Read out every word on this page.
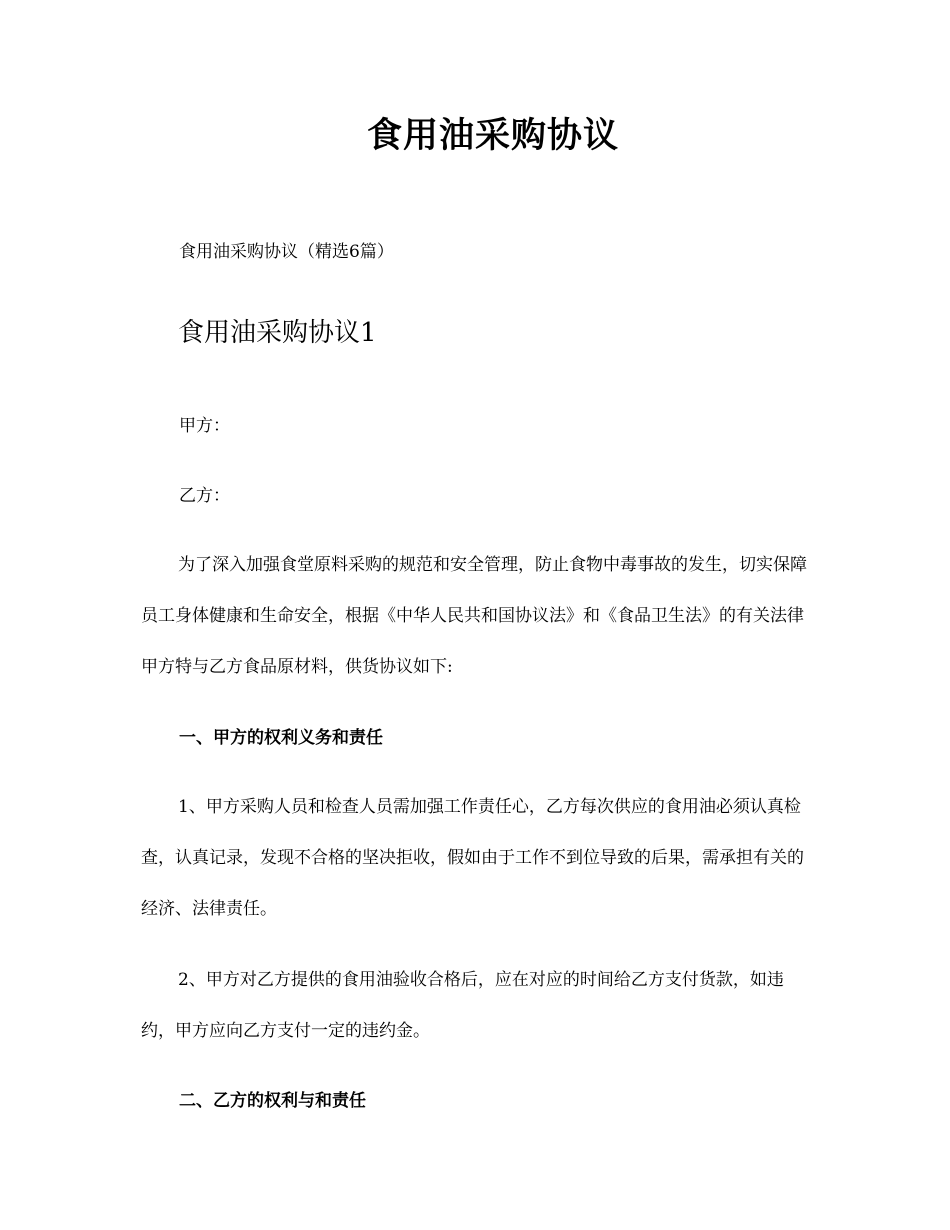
食用油采购协议
食用油采购协议（精选6篇）
食用油采购协议1
甲方：
乙方：

为了深入加强食堂原料采购的规范和安全管理，防止食物中毒事故的发生，切实保障员工身体健康和生命安全，根据《中华人民共和国协议法》和《食品卫生法》的有关法律甲方特与乙方食品原材料，供货协议如下:

一、甲方的权利义务和责任

1、甲方采购人员和检查人员需加强工作责任心，乙方每次供应的食用油必须认真检查，认真记录，发现不合格的坚决拒收，假如由于工作不到位导致的后果，需承担有关的经济、法律责任。

2、甲方对乙方提供的食用油验收合格后，应在对应的时间给乙方支付货款，如违约，甲方应向乙方支付一定的违约金。

二、乙方的权利与和责任
